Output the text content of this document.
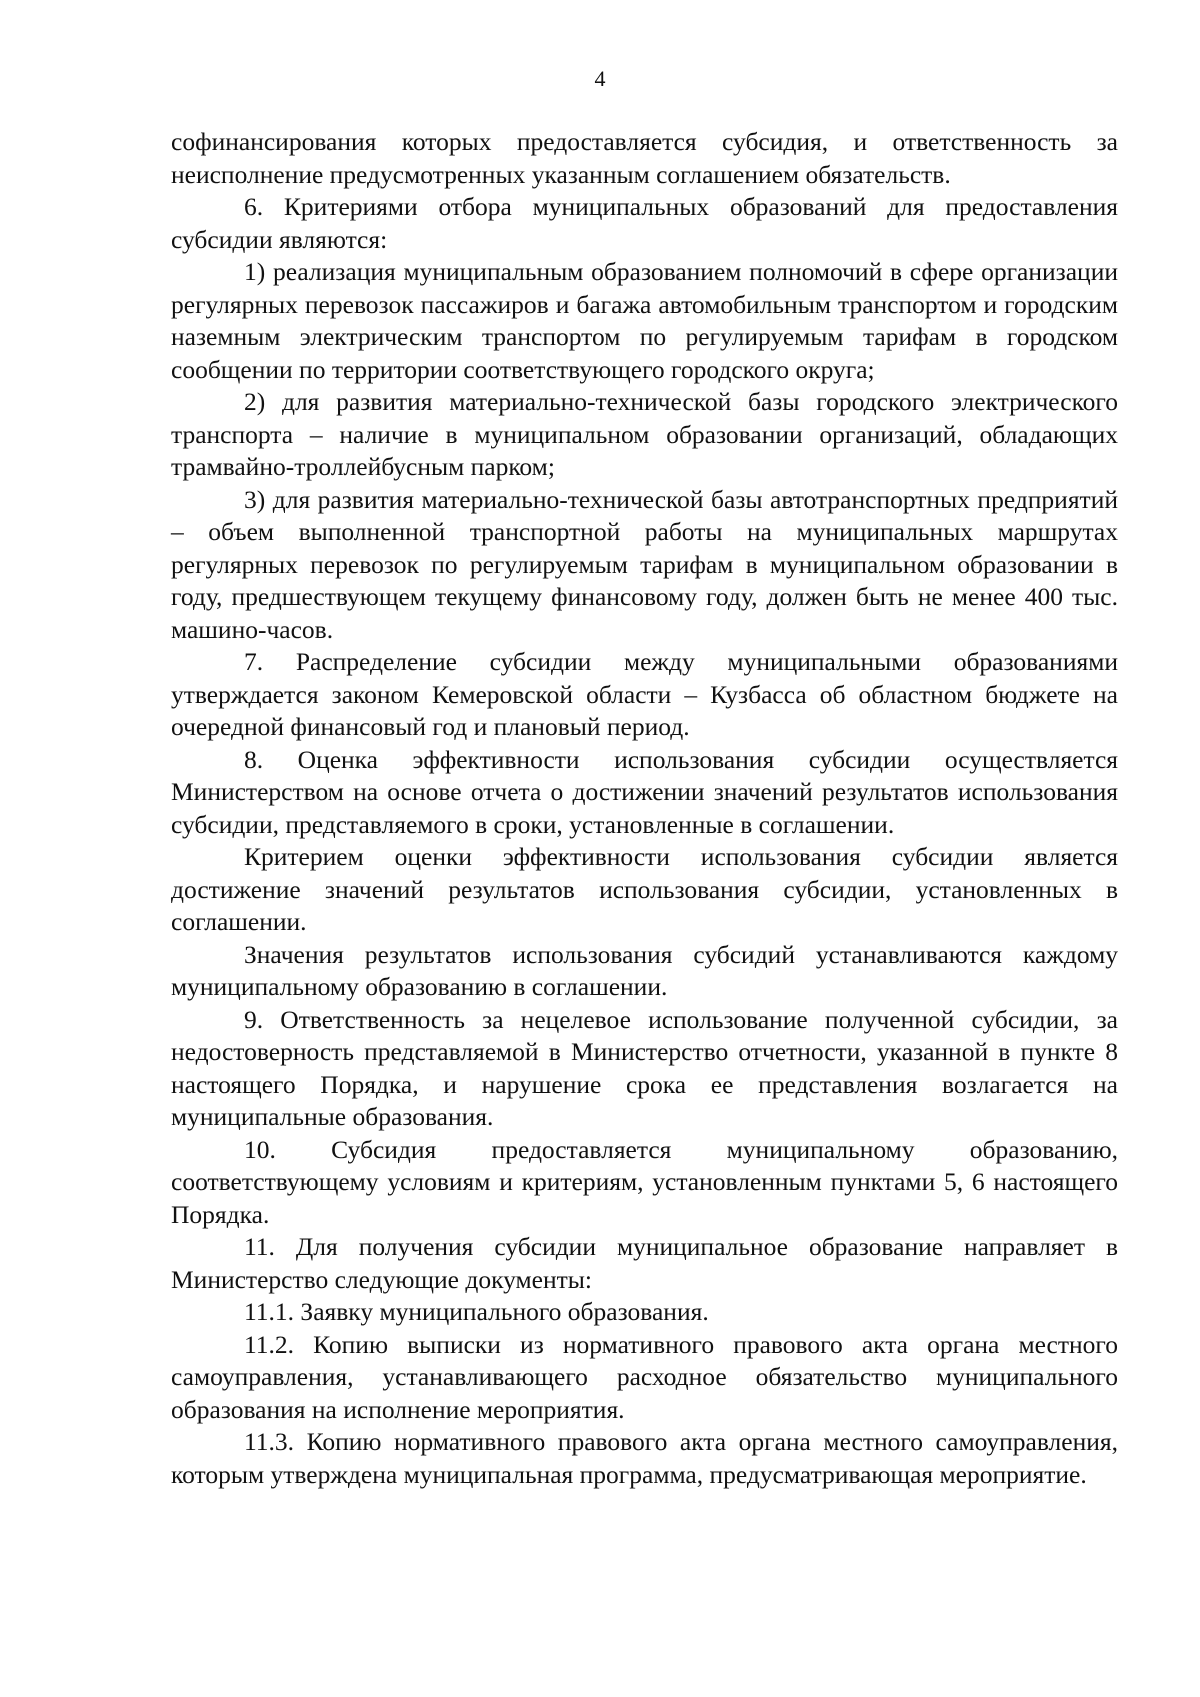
4

софинансирования которых предоставляется субсидия, и ответственность за неисполнение предусмотренных указанным соглашением обязательств.

6. Критериями отбора муниципальных образований для предоставления субсидии являются:

1) реализация муниципальным образованием полномочий в сфере организации регулярных перевозок пассажиров и багажа автомобильным транспортом и городским наземным электрическим транспортом по регулируемым тарифам в городском сообщении по территории соответствующего городского округа;

2) для развития материально-технической базы городского электрического транспорта – наличие в муниципальном образовании организаций, обладающих трамвайно-троллейбусным парком;

3) для развития материально-технической базы автотранспортных предприятий – объем выполненной транспортной работы на муниципальных маршрутах регулярных перевозок по регулируемым тарифам в муниципальном образовании в году, предшествующем текущему финансовому году, должен быть не менее 400 тыс. машино-часов.

7. Распределение субсидии между муниципальными образованиями утверждается законом Кемеровской области – Кузбасса об областном бюджете на очередной финансовый год и плановый период.

8. Оценка эффективности использования субсидии осуществляется Министерством на основе отчета о достижении значений результатов использования субсидии, представляемого в сроки, установленные в соглашении.

Критерием оценки эффективности использования субсидии является достижение значений результатов использования субсидии, установленных в соглашении.

Значения результатов использования субсидий устанавливаются каждому муниципальному образованию в соглашении.

9. Ответственность за нецелевое использование полученной субсидии, за недостоверность представляемой в Министерство отчетности, указанной в пункте 8 настоящего Порядка, и нарушение срока ее представления возлагается на муниципальные образования.

10. Субсидия предоставляется муниципальному образованию, соответствующему условиям и критериям, установленным пунктами 5, 6 настоящего Порядка.

11. Для получения субсидии муниципальное образование направляет в Министерство следующие документы:

11.1. Заявку муниципального образования.

11.2. Копию выписки из нормативного правового акта органа местного самоуправления, устанавливающего расходное обязательство муниципального образования на исполнение мероприятия.

11.3. Копию нормативного правового акта органа местного самоуправления, которым утверждена муниципальная программа, предусматривающая мероприятие.
